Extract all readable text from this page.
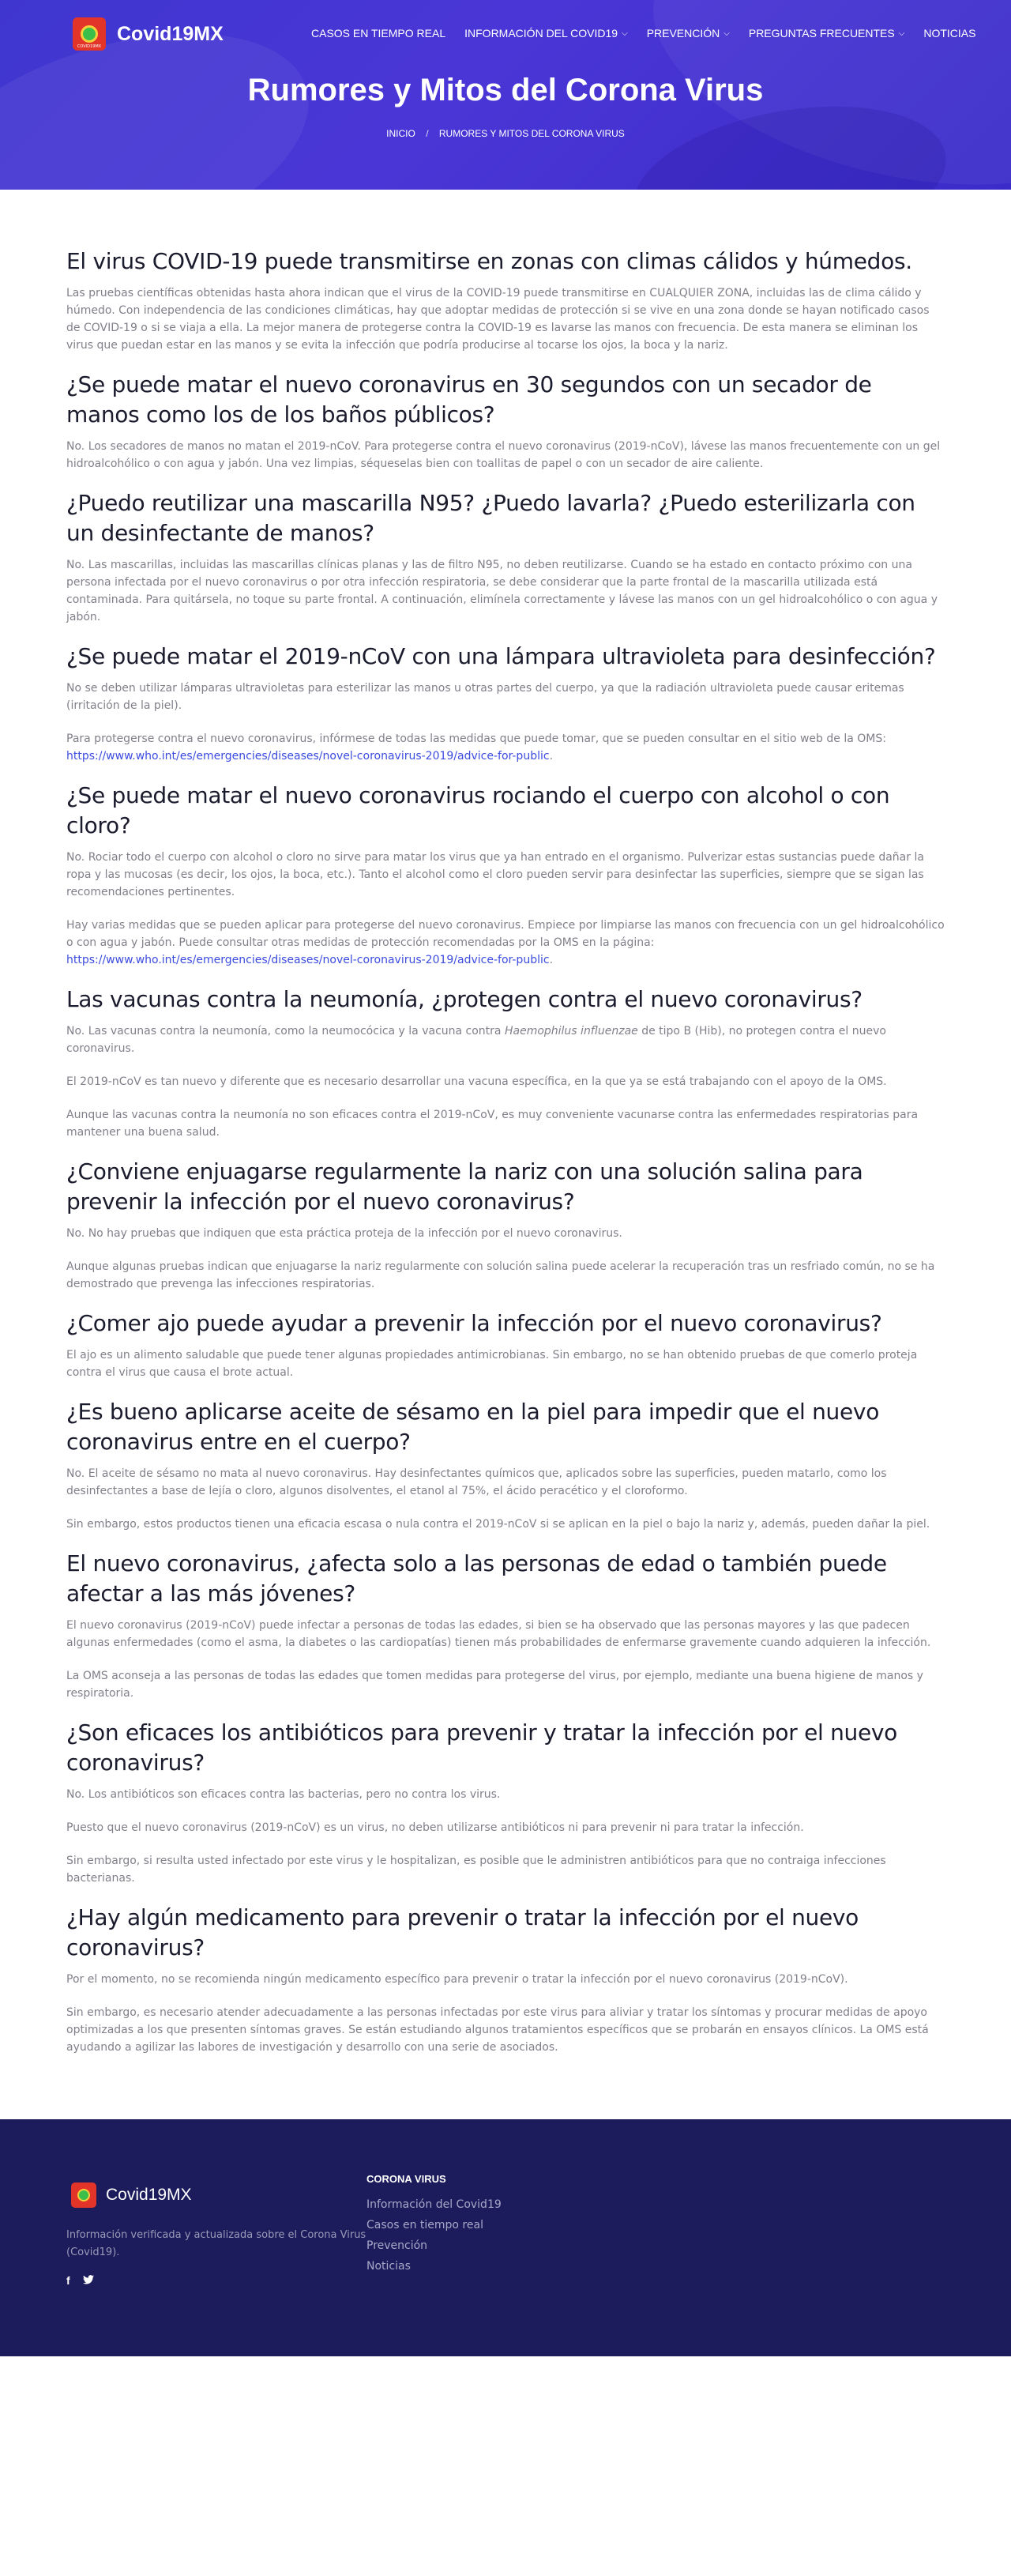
COVID19MX
Covid19MX	CASOS EN TIEMPO REAL INFORMACIÓN DEL COVID19 ⌵ PREVENCIÓN ⌵ PREGUNTAS FRECUENTES ⌵ NOTICIAS
Rumores y Mitos del Corona Virus
INICIO / RUMORES Y MITOS DEL CORONA VIRUS
El virus COVID-19 puede transmitirse en zonas con climas cálidos y húmedos.

Las pruebas científicas obtenidas hasta ahora indican que el virus de la COVID-19 puede transmitirse en CUALQUIER ZONA, incluidas las de clima cálido y húmedo. Con independencia de las condiciones climáticas, hay que adoptar medidas de protección si se vive en una zona donde se hayan notificado casos de COVID-19 o si se viaja a ella. La mejor manera de protegerse contra la COVID-19 es lavarse las manos con frecuencia. De esta manera se eliminan los virus que puedan estar en las manos y se evita la infección que podría producirse al tocarse los ojos, la boca y la nariz.

¿Se puede matar el nuevo coronavirus en 30 segundos con un secador de manos como los de los baños públicos?

No. Los secadores de manos no matan el 2019-nCoV. Para protegerse contra el nuevo coronavirus (2019-nCoV), lávese las manos frecuentemente con un gel hidroalcohólico o con agua y jabón. Una vez limpias, séqueselas bien con toallitas de papel o con un secador de aire caliente.

¿Puedo reutilizar una mascarilla N95? ¿Puedo lavarla? ¿Puedo esterilizarla con un desinfectante de manos?

No. Las mascarillas, incluidas las mascarillas clínicas planas y las de filtro N95, no deben reutilizarse. Cuando se ha estado en contacto próximo con una persona infectada por el nuevo coronavirus o por otra infección respiratoria, se debe considerar que la parte frontal de la mascarilla utilizada está contaminada. Para quitársela, no toque su parte frontal. A continuación, elimínela correctamente y lávese las manos con un gel hidroalcohólico o con agua y jabón.

¿Se puede matar el 2019-nCoV con una lámpara ultravioleta para desinfección?

No se deben utilizar lámparas ultravioletas para esterilizar las manos u otras partes del cuerpo, ya que la radiación ultravioleta puede causar eritemas (irritación de la piel).

Para protegerse contra el nuevo coronavirus, infórmese de todas las medidas que puede tomar, que se pueden consultar en el sitio web de la OMS: https://www.who.int/es/emergencies/diseases/novel-coronavirus-2019/advice-for-public.

¿Se puede matar el nuevo coronavirus rociando el cuerpo con alcohol o con cloro?

No. Rociar todo el cuerpo con alcohol o cloro no sirve para matar los virus que ya han entrado en el organismo. Pulverizar estas sustancias puede dañar la ropa y las mucosas (es decir, los ojos, la boca, etc.). Tanto el alcohol como el cloro pueden servir para desinfectar las superficies, siempre que se sigan las recomendaciones pertinentes.

Hay varias medidas que se pueden aplicar para protegerse del nuevo coronavirus. Empiece por limpiarse las manos con frecuencia con un gel hidroalcohólico o con agua y jabón. Puede consultar otras medidas de protección recomendadas por la OMS en la página: https://www.who.int/es/emergencies/diseases/novel-coronavirus-2019/advice-for-public.

Las vacunas contra la neumonía, ¿protegen contra el nuevo coronavirus?

No. Las vacunas contra la neumonía, como la neumocócica y la vacuna contra Haemophilus influenzae de tipo B (Hib), no protegen contra el nuevo coronavirus.

El 2019-nCoV es tan nuevo y diferente que es necesario desarrollar una vacuna específica, en la que ya se está trabajando con el apoyo de la OMS.

Aunque las vacunas contra la neumonía no son eficaces contra el 2019-nCoV, es muy conveniente vacunarse contra las enfermedades respiratorias para mantener una buena salud.

¿Conviene enjuagarse regularmente la nariz con una solución salina para prevenir la infección por el nuevo coronavirus?

No. No hay pruebas que indiquen que esta práctica proteja de la infección por el nuevo coronavirus.

Aunque algunas pruebas indican que enjuagarse la nariz regularmente con solución salina puede acelerar la recuperación tras un resfriado común, no se ha demostrado que prevenga las infecciones respiratorias.

¿Comer ajo puede ayudar a prevenir la infección por el nuevo coronavirus?

El ajo es un alimento saludable que puede tener algunas propiedades antimicrobianas. Sin embargo, no se han obtenido pruebas de que comerlo proteja contra el virus que causa el brote actual.

¿Es bueno aplicarse aceite de sésamo en la piel para impedir que el nuevo coronavirus entre en el cuerpo?

No. El aceite de sésamo no mata al nuevo coronavirus. Hay desinfectantes químicos que, aplicados sobre las superficies, pueden matarlo, como los desinfectantes a base de lejía o cloro, algunos disolventes, el etanol al 75%, el ácido peracético y el cloroformo.

Sin embargo, estos productos tienen una eficacia escasa o nula contra el 2019-nCoV si se aplican en la piel o bajo la nariz y, además, pueden dañar la piel.

El nuevo coronavirus, ¿afecta solo a las personas de edad o también puede afectar a las más jóvenes?

El nuevo coronavirus (2019-nCoV) puede infectar a personas de todas las edades, si bien se ha observado que las personas mayores y las que padecen algunas enfermedades (como el asma, la diabetes o las cardiopatías) tienen más probabilidades de enfermarse gravemente cuando adquieren la infección.

La OMS aconseja a las personas de todas las edades que tomen medidas para protegerse del virus, por ejemplo, mediante una buena higiene de manos y respiratoria.

¿Son eficaces los antibióticos para prevenir y tratar la infección por el nuevo coronavirus?

No. Los antibióticos son eficaces contra las bacterias, pero no contra los virus.

Puesto que el nuevo coronavirus (2019-nCoV) es un virus, no deben utilizarse antibióticos ni para prevenir ni para tratar la infección.

Sin embargo, si resulta usted infectado por este virus y le hospitalizan, es posible que le administren antibióticos para que no contraiga infecciones bacterianas.

¿Hay algún medicamento para prevenir o tratar la infección por el nuevo coronavirus?

Por el momento, no se recomienda ningún medicamento específico para prevenir o tratar la infección por el nuevo coronavirus (2019-nCoV).

Sin embargo, es necesario atender adecuadamente a las personas infectadas por este virus para aliviar y tratar los síntomas y procurar medidas de apoyo optimizadas a los que presenten síntomas graves. Se están estudiando algunos tratamientos específicos que se probarán en ensayos clínicos. La OMS está ayudando a agilizar las labores de investigación y desarrollo con una serie de asociados.

Covid19MX
Información verificada y actualizada sobre el Corona Virus (Covid19).
f
CORONA VIRUS
Información del Covid19
Casos en tiempo real
Prevención
Noticias
